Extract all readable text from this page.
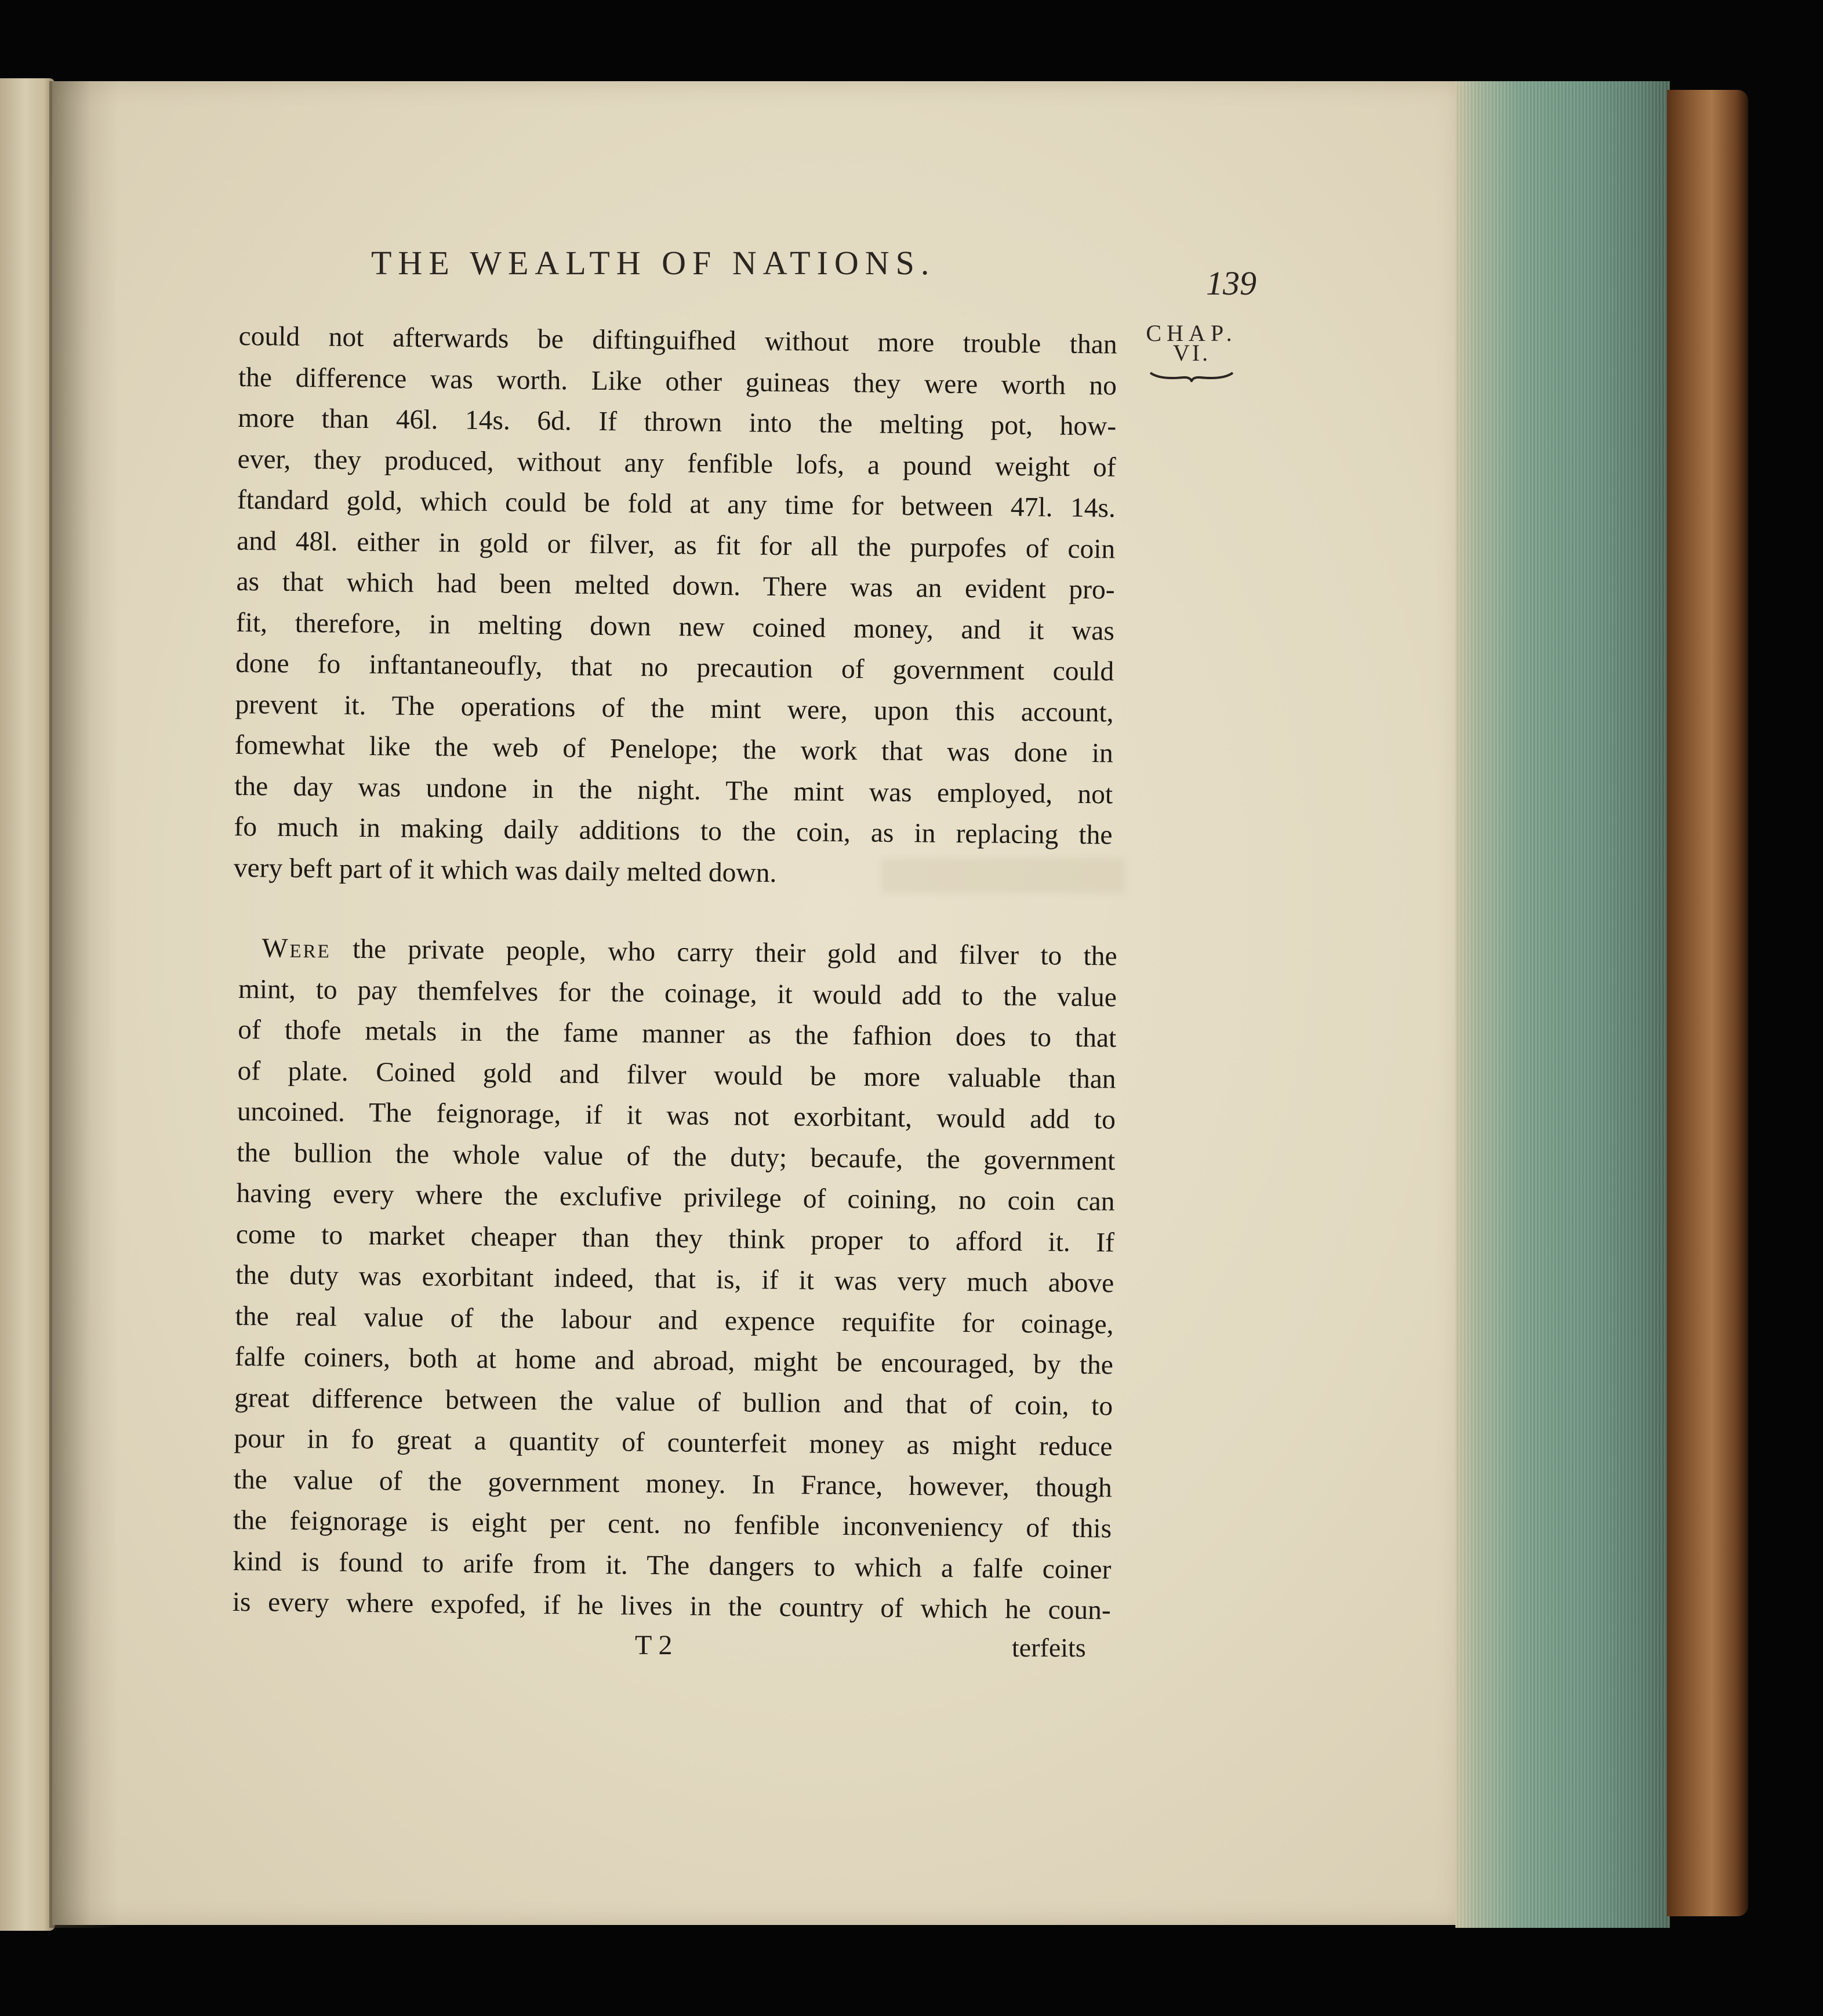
THE WEALTH OF NATIONS.
139
CHAP.
VI.
could not afterwards be diftinguifhed without more trouble than
the difference was worth. Like other guineas they were worth no
more than 46l. 14s. 6d. If thrown into the melting pot, how-
ever, they produced, without any fenfible lofs, a pound weight of
ftandard gold, which could be fold at any time for between 47l. 14s.
and 48l. either in gold or filver, as fit for all the purpofes of coin
as that which had been melted down. There was an evident pro-
fit, therefore, in melting down new coined money, and it was
done fo inftantaneoufly, that no precaution of government could
prevent it. The operations of the mint were, upon this account,
fomewhat like the web of Penelope; the work that was done in
the day was undone in the night. The mint was employed, not
fo much in making daily additions to the coin, as in replacing the
very beft part of it which was daily melted down.
Were the private people, who carry their gold and filver to the
mint, to pay themfelves for the coinage, it would add to the value
of thofe metals in the fame manner as the fafhion does to that
of plate. Coined gold and filver would be more valuable than
uncoined. The feignorage, if it was not exorbitant, would add to
the bullion the whole value of the duty; becaufe, the government
having every where the exclufive privilege of coining, no coin can
come to market cheaper than they think proper to afford it. If
the duty was exorbitant indeed, that is, if it was very much above
the real value of the labour and expence requifite for coinage,
falfe coiners, both at home and abroad, might be encouraged, by the
great difference between the value of bullion and that of coin, to
pour in fo great a quantity of counterfeit money as might reduce
the value of the government money. In France, however, though
the feignorage is eight per cent. no fenfible inconveniency of this
kind is found to arife from it. The dangers to which a falfe coiner
is every where expofed, if he lives in the country of which he coun-
T 2	terfeits
